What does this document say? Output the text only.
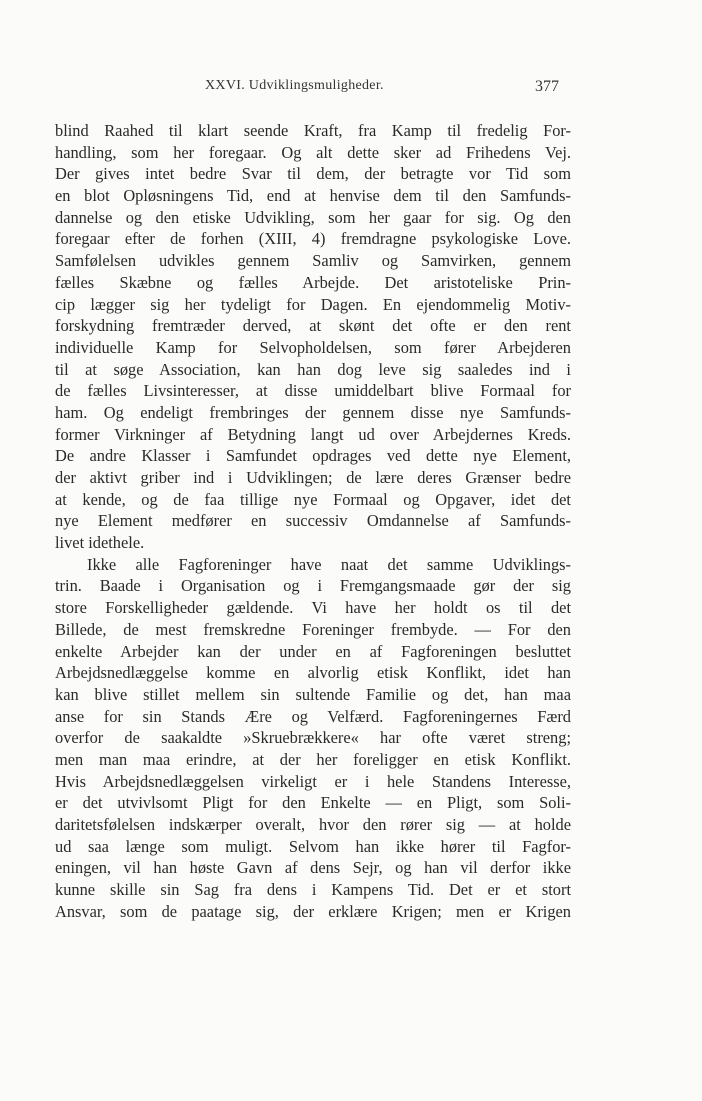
XXVI. Udviklingsmuligheder.	377
blind Raahed til klart seende Kraft, fra Kamp til fredelig For-
handling, som her foregaar. Og alt dette sker ad Frihedens Vej.
Der gives intet bedre Svar til dem, der betragte vor Tid som
en blot Opløsningens Tid, end at henvise dem til den Samfunds-
dannelse og den etiske Udvikling, som her gaar for sig. Og den
foregaar efter de forhen (XIII, 4) fremdragne psykologiske Love.
Samfølelsen udvikles gennem Samliv og Samvirken, gennem
fælles Skæbne og fælles Arbejde. Det aristoteliske Prin-
cip lægger sig her tydeligt for Dagen. En ejendommelig Motiv-
forskydning fremtræder derved, at skønt det ofte er den rent
individuelle Kamp for Selvopholdelsen, som fører Arbejderen
til at søge Association, kan han dog leve sig saaledes ind i
de fælles Livsinteresser, at disse umiddelbart blive Formaal for
ham. Og endeligt frembringes der gennem disse nye Samfunds-
former Virkninger af Betydning langt ud over Arbejdernes Kreds.
De andre Klasser i Samfundet opdrages ved dette nye Element,
der aktivt griber ind i Udviklingen; de lære deres Grænser bedre
at kende, og de faa tillige nye Formaal og Opgaver, idet det
nye Element medfører en successiv Omdannelse af Samfunds-
livet idethele.
Ikke alle Fagforeninger have naat det samme Udviklings-
trin. Baade i Organisation og i Fremgangsmaade gør der sig
store Forskelligheder gældende. Vi have her holdt os til det
Billede, de mest fremskredne Foreninger frembyde. — For den
enkelte Arbejder kan der under en af Fagforeningen besluttet
Arbejdsnedlæggelse komme en alvorlig etisk Konflikt, idet han
kan blive stillet mellem sin sultende Familie og det, han maa
anse for sin Stands Ære og Velfærd. Fagforeningernes Færd
overfor de saakaldte »Skruebrækkere« har ofte været streng;
men man maa erindre, at der her foreligger en etisk Konflikt.
Hvis Arbejdsnedlæggelsen virkeligt er i hele Standens Interesse,
er det utvivlsomt Pligt for den Enkelte — en Pligt, som Soli-
daritetsfølelsen indskærper overalt, hvor den rører sig — at holde
ud saa længe som muligt. Selvom han ikke hører til Fagfor-
eningen, vil han høste Gavn af dens Sejr, og han vil derfor ikke
kunne skille sin Sag fra dens i Kampens Tid. Det er et stort
Ansvar, som de paatage sig, der erklære Krigen; men er Krigen
